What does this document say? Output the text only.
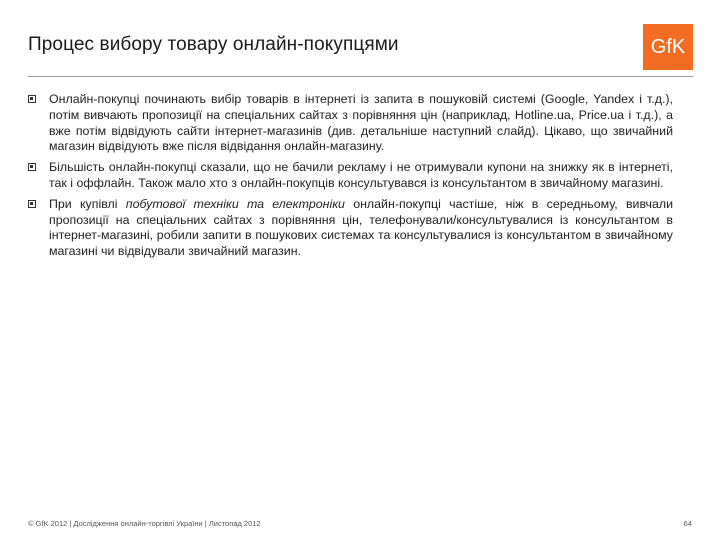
Процес вибору товару онлайн-покупцями	GfK
Онлайн-покупці починають вибір товарів в інтернеті із запита в пошуковій системі (Google, Yandex і т.д.), потім вивчають пропозиції на спеціальних сайтах з порівняння цін (наприклад, Hotline.ua, Price.ua і т.д.), а вже потім відвідують сайти інтернет-магазинів (див. детальніше наступний слайд). Цікаво, що звичайний магазин відвідують вже після відвідання онлайн-магазину.
Більшість онлайн-покупці сказали, що не бачили рекламу і не отримували купони на знижку як в інтернеті, так і оффлайн. Також мало хто з онлайн-покупців консультувався із консультантом в звичайному магазині.
При купівлі побутової техніки та електроніки онлайн-покупці частіше, ніж в середньому, вивчали пропозиції на спеціальних сайтах з порівняння цін, телефонували/консультувалися із консультантом в інтернет-магазині, робили запити в пошукових системах та консультувалися із консультантом в звичайному магазині чи відвідували звичайний магазин.
© GfK 2012 | Дослідження онлайн-торгівлі України | Листопад 2012	64
